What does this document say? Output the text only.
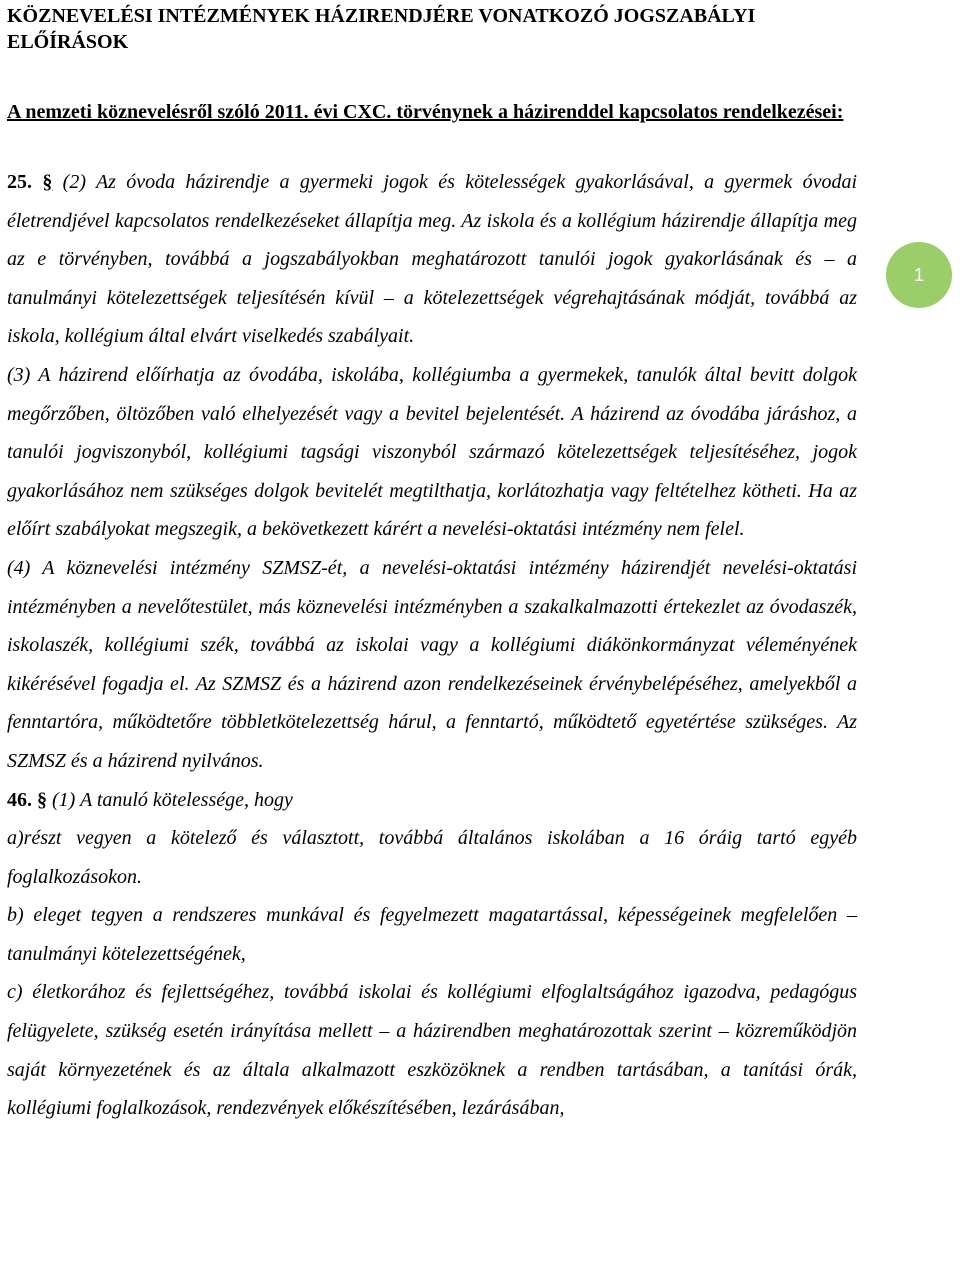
KÖZNEVELÉSI INTÉZMÉNYEK HÁZIRENDJÉRE VONATKOZÓ JOGSZABÁLYI ELŐÍRÁSOK

A nemzeti köznevelésről szóló 2011. évi CXC. törvénynek a házirenddel kapcsolatos rendelkezései:

25. § (2) Az óvoda házirendje a gyermeki jogok és kötelességek gyakorlásával, a gyermek óvodai életrendjével kapcsolatos rendelkezéseket állapítja meg. Az iskola és a kollégium házirendje állapítja meg az e törvényben, továbbá a jogszabályokban meghatározott tanulói jogok gyakorlásának és – a tanulmányi kötelezettségek teljesítésén kívül – a kötelezettségek végrehajtásának módját, továbbá az iskola, kollégium által elvárt viselkedés szabályait.

(3) A házirend előírhatja az óvodába, iskolába, kollégiumba a gyermekek, tanulók által bevitt dolgok megőrzőben, öltözőben való elhelyezését vagy a bevitel bejelentését. A házirend az óvodába járáshoz, a tanulói jogviszonyból, kollégiumi tagsági viszonyból származó kötelezettségek teljesítéséhez, jogok gyakorlásához nem szükséges dolgok bevitelét megtilthatja, korlátozhatja vagy feltételhez kötheti. Ha az előírt szabályokat megszegik, a bekövetkezett kárért a nevelési-oktatási intézmény nem felel.

(4) A köznevelési intézmény SZMSZ-ét, a nevelési-oktatási intézmény házirendjét nevelési-oktatási intézményben a nevelőtestület, más köznevelési intézményben a szakalkalmazotti értekezlet az óvodaszék, iskolaszék, kollégiumi szék, továbbá az iskolai vagy a kollégiumi diákönkormányzat véleményének kikérésével fogadja el. Az SZMSZ és a házirend azon rendelkezéseinek érvénybelépéséhez, amelyekből a fenntartóra, működtetőre többletkötelezettség hárul, a fenntartó, működtető egyetértése szükséges. Az SZMSZ és a házirend nyilvános.

46. § (1) A tanuló kötelessége, hogy

a)részt vegyen a kötelező és választott, továbbá általános iskolában a 16 óráig tartó egyéb foglalkozásokon.

b) eleget tegyen a rendszeres munkával és fegyelmezett magatartással, képességeinek megfelelően –tanulmányi kötelezettségének,

c) életkorához és fejlettségéhez, továbbá iskolai és kollégiumi elfoglaltságához igazodva, pedagógus felügyelete, szükség esetén irányítása mellett – a házirendben meghatározottak szerint – közreműködjön saját környezetének és az általa alkalmazott eszközöknek a rendben tartásában, a tanítási órák, kollégiumi foglalkozások, rendezvények előkészítésében, lezárásában,

1
